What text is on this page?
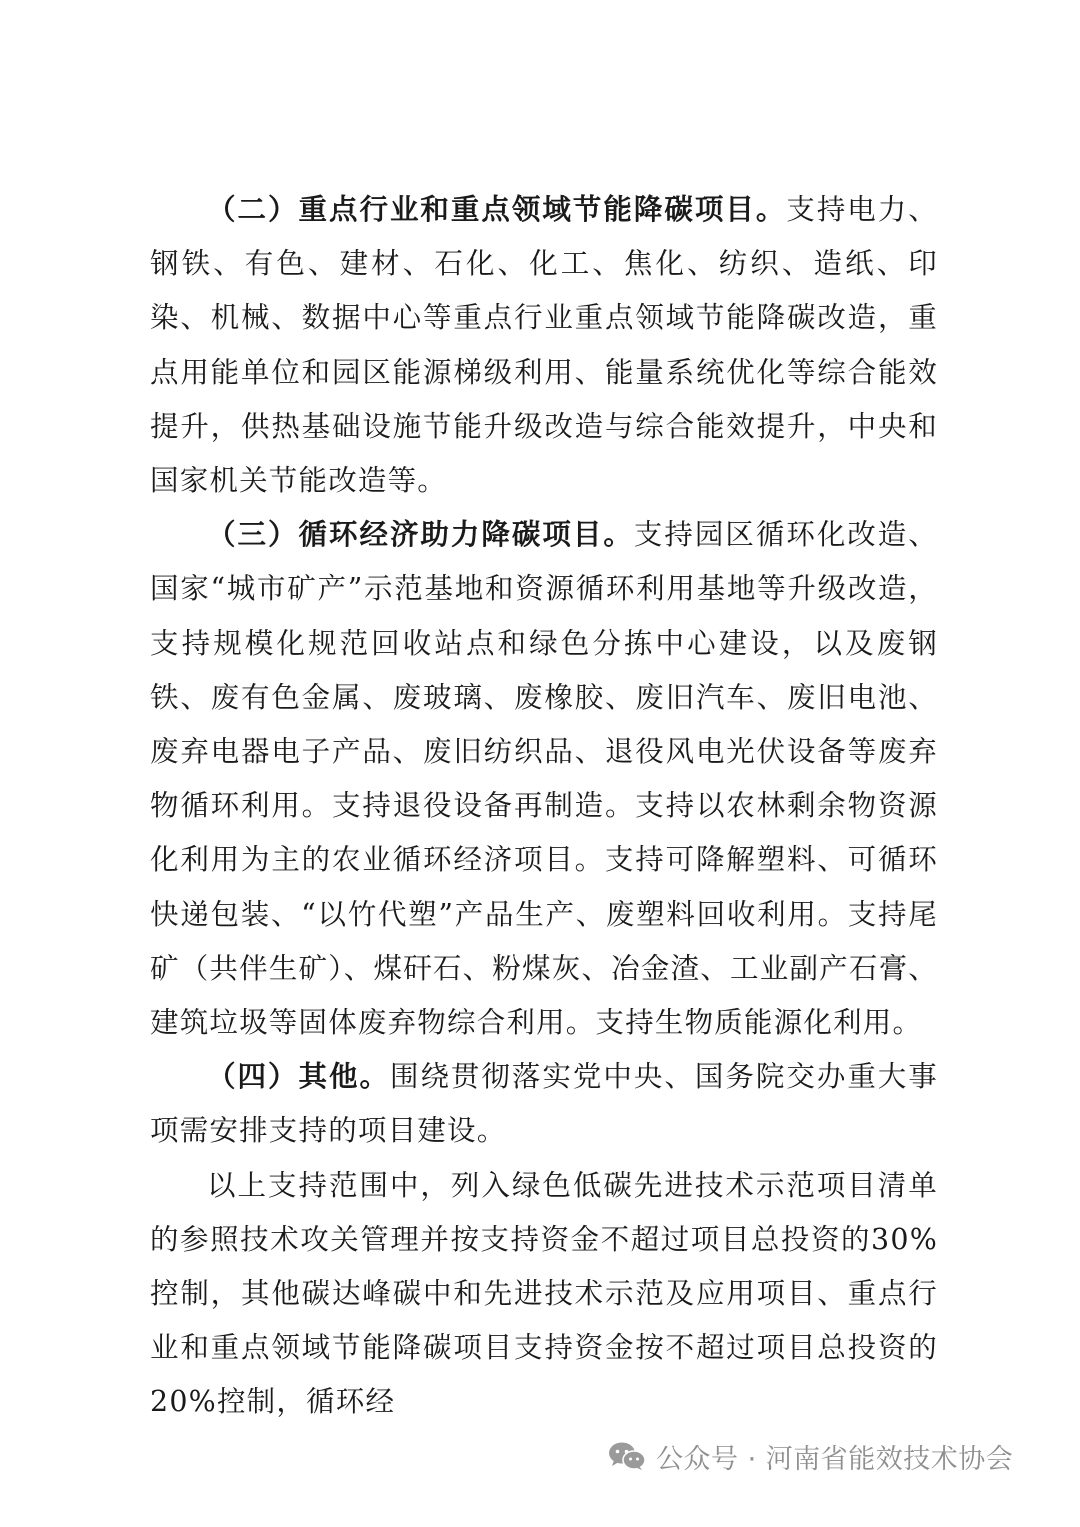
（二）重点行业和重点领域节能降碳项目。支持电力、钢铁、有色、建材、石化、化工、焦化、纺织、造纸、印染、机械、数据中心等重点行业重点领域节能降碳改造，重点用能单位和园区能源梯级利用、能量系统优化等综合能效提升，供热基础设施节能升级改造与综合能效提升，中央和国家机关节能改造等。

（三）循环经济助力降碳项目。支持园区循环化改造、国家“城市矿产”示范基地和资源循环利用基地等升级改造，支持规模化规范回收站点和绿色分拣中心建设，以及废钢铁、废有色金属、废玻璃、废橡胶、废旧汽车、废旧电池、废弃电器电子产品、废旧纺织品、退役风电光伏设备等废弃物循环利用。支持退役设备再制造。支持以农林剩余物资源化利用为主的农业循环经济项目。支持可降解塑料、可循环快递包装、“以竹代塑”产品生产、废塑料回收利用。支持尾矿（共伴生矿）、煤矸石、粉煤灰、冶金渣、工业副产石膏、建筑垃圾等固体废弃物综合利用。支持生物质能源化利用。

（四）其他。围绕贯彻落实党中央、国务院交办重大事项需安排支持的项目建设。

以上支持范围中，列入绿色低碳先进技术示范项目清单的参照技术攻关管理并按支持资金不超过项目总投资的30%控制，其他碳达峰碳中和先进技术示范及应用项目、重点行业和重点领域节能降碳项目支持资金按不超过项目总投资的20%控制，循环经

公众号 · 河南省能效技术协会
